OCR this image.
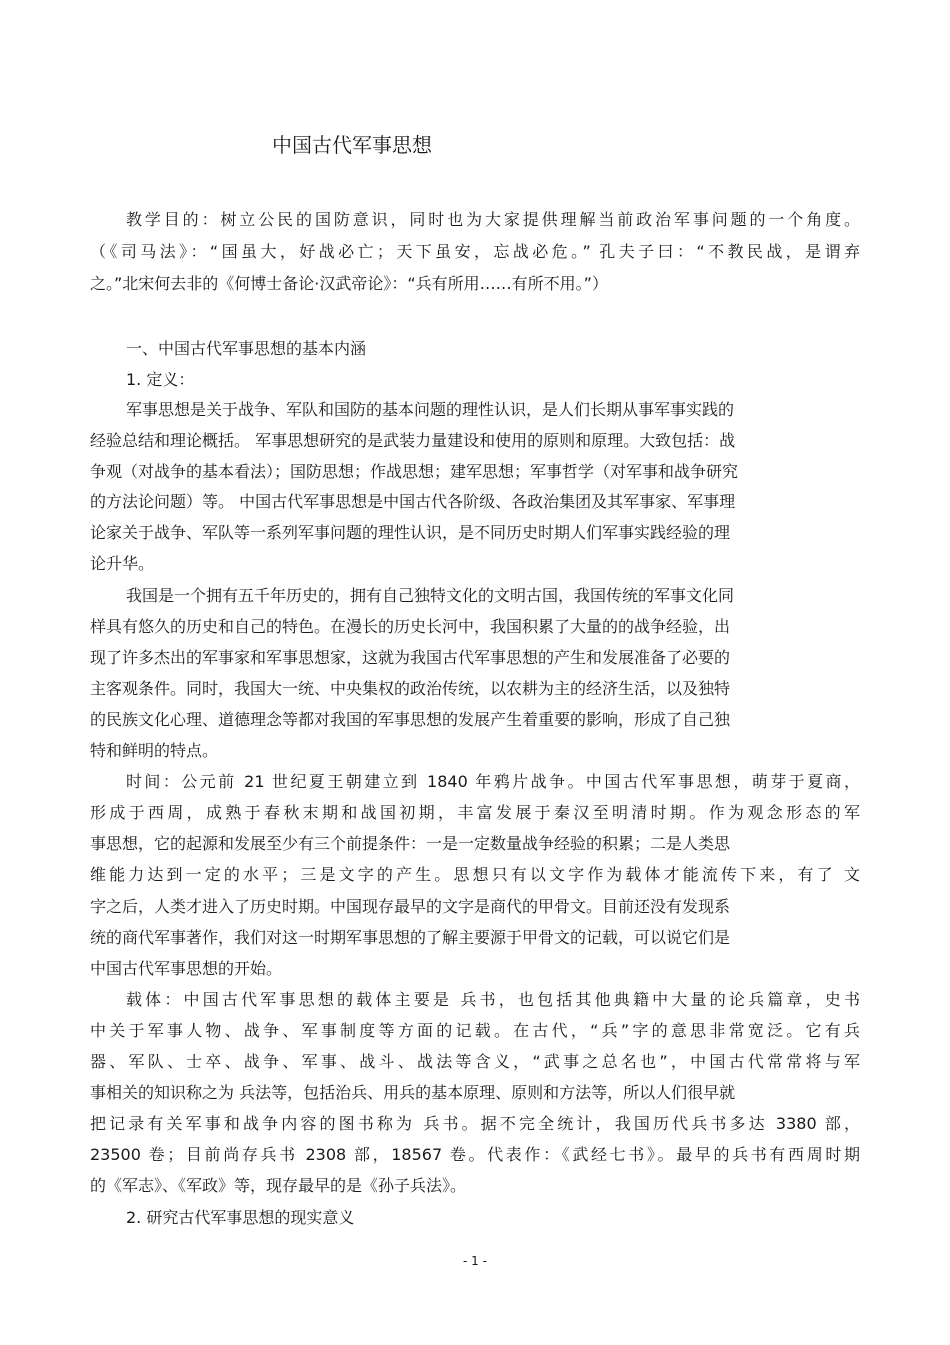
中国古代军事思想
教学目的：树立公民的国防意识，同时也为大家提供理解当前政治军事问题的一个角度。
（《司马法》：“国虽大，好战必亡；天下虽安，忘战必危。” 孔夫子曰：“不教民战，是谓弃
之。”北宋何去非的《何博士备论·汉武帝论》：“兵有所用……有所不用。”）
一、中国古代军事思想的基本内涵
1. 定义：
军事思想是关于战争、军队和国防的基本问题的理性认识，是人们长期从事军事实践的
经验总结和理论概括。 军事思想研究的是武装力量建设和使用的原则和原理。大致包括：战
争观（对战争的基本看法）；国防思想；作战思想；建军思想；军事哲学（对军事和战争研究
的方法论问题）等。 中国古代军事思想是中国古代各阶级、各政治集团及其军事家、军事理
论家关于战争、军队等一系列军事问题的理性认识，是不同历史时期人们军事实践经验的理
论升华。
我国是一个拥有五千年历史的，拥有自己独特文化的文明古国，我国传统的军事文化同
样具有悠久的历史和自己的特色。在漫长的历史长河中，我国积累了大量的的战争经验，出
现了许多杰出的军事家和军事思想家，这就为我国古代军事思想的产生和发展准备了必要的
主客观条件。同时，我国大一统、中央集权的政治传统，以农耕为主的经济生活，以及独特
的民族文化心理、道德理念等都对我国的军事思想的发展产生着重要的影响，形成了自己独
特和鲜明的特点。
时间：公元前 21 世纪夏王朝建立到 1840 年鸦片战争。中国古代军事思想，萌芽于夏商，
形成于西周，成熟于春秋末期和战国初期，丰富发展于秦汉至明清时期。作为观念形态的军
事思想，它的起源和发展至少有三个前提条件：一是一定数量战争经验的积累；二是人类思
维能力达到一定的水平；三是文字的产生。思想只有以文字作为载体才能流传下来，有了 文
字之后，人类才进入了历史时期。中国现存最早的文字是商代的甲骨文。目前还没有发现系
统的商代军事著作，我们对这一时期军事思想的了解主要源于甲骨文的记载，可以说它们是
中国古代军事思想的开始。
载体：中国古代军事思想的载体主要是 兵书，也包括其他典籍中大量的论兵篇章，史书
中关于军事人物、战争、军事制度等方面的记载。在古代，“兵”字的意思非常宽泛。它有兵
器、军队、士卒、战争、军事、战斗、战法等含义，“武事之总名也”，中国古代常常将与军
事相关的知识称之为 兵法等，包括治兵、用兵的基本原理、原则和方法等，所以人们很早就
把记录有关军事和战争内容的图书称为 兵书。据不完全统计，我国历代兵书多达 3380 部，
23500 卷；目前尚存兵书 2308 部，18567 卷。代表作：《武经七书》。最早的兵书有西周时期
的《军志》、《军政》等，现存最早的是《孙子兵法》。
2. 研究古代军事思想的现实意义
- 1 -
